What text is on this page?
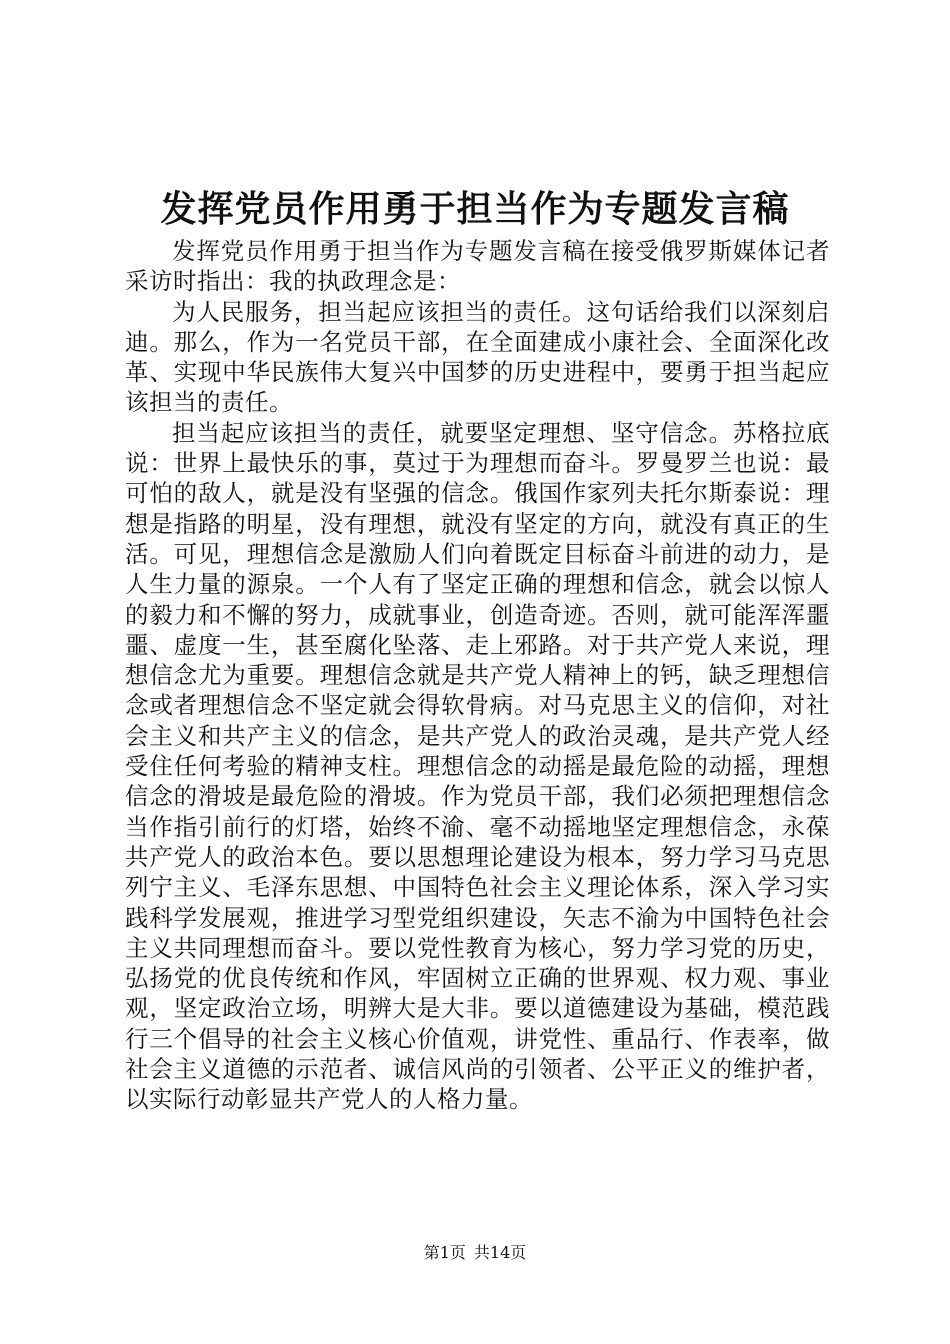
发挥党员作用勇于担当作为专题发言稿

发挥党员作用勇于担当作为专题发言稿在接受俄罗斯媒体记者采访时指出：我的执政理念是：

为人民服务，担当起应该担当的责任。这句话给我们以深刻启迪。那么，作为一名党员干部，在全面建成小康社会、全面深化改革、实现中华民族伟大复兴中国梦的历史进程中，要勇于担当起应该担当的责任。

担当起应该担当的责任，就要坚定理想、坚守信念。苏格拉底说：世界上最快乐的事，莫过于为理想而奋斗。罗曼罗兰也说：最可怕的敌人，就是没有坚强的信念。俄国作家列夫托尔斯泰说：理想是指路的明星，没有理想，就没有坚定的方向，就没有真正的生活。可见，理想信念是激励人们向着既定目标奋斗前进的动力，是人生力量的源泉。一个人有了坚定正确的理想和信念，就会以惊人的毅力和不懈的努力，成就事业，创造奇迹。否则，就可能浑浑噩噩、虚度一生，甚至腐化坠落、走上邪路。对于共产党人来说，理想信念尤为重要。理想信念就是共产党人精神上的钙，缺乏理想信念或者理想信念不坚定就会得软骨病。对马克思主义的信仰，对社会主义和共产主义的信念，是共产党人的政治灵魂，是共产党人经受住任何考验的精神支柱。理想信念的动摇是最危险的动摇，理想信念的滑坡是最危险的滑坡。作为党员干部，我们必须把理想信念当作指引前行的灯塔，始终不渝、毫不动摇地坚定理想信念，永葆共产党人的政治本色。要以思想理论建设为根本，努力学习马克思列宁主义、毛泽东思想、中国特色社会主义理论体系，深入学习实践科学发展观，推进学习型党组织建设，矢志不渝为中国特色社会主义共同理想而奋斗。要以党性教育为核心，努力学习党的历史，弘扬党的优良传统和作风，牢固树立正确的世界观、权力观、事业观，坚定政治立场，明辨大是大非。要以道德建设为基础，模范践行三个倡导的社会主义核心价值观，讲党性、重品行、作表率，做社会主义道德的示范者、诚信风尚的引领者、公平正义的维护者，以实际行动彰显共产党人的人格力量。

第1页 共14页
